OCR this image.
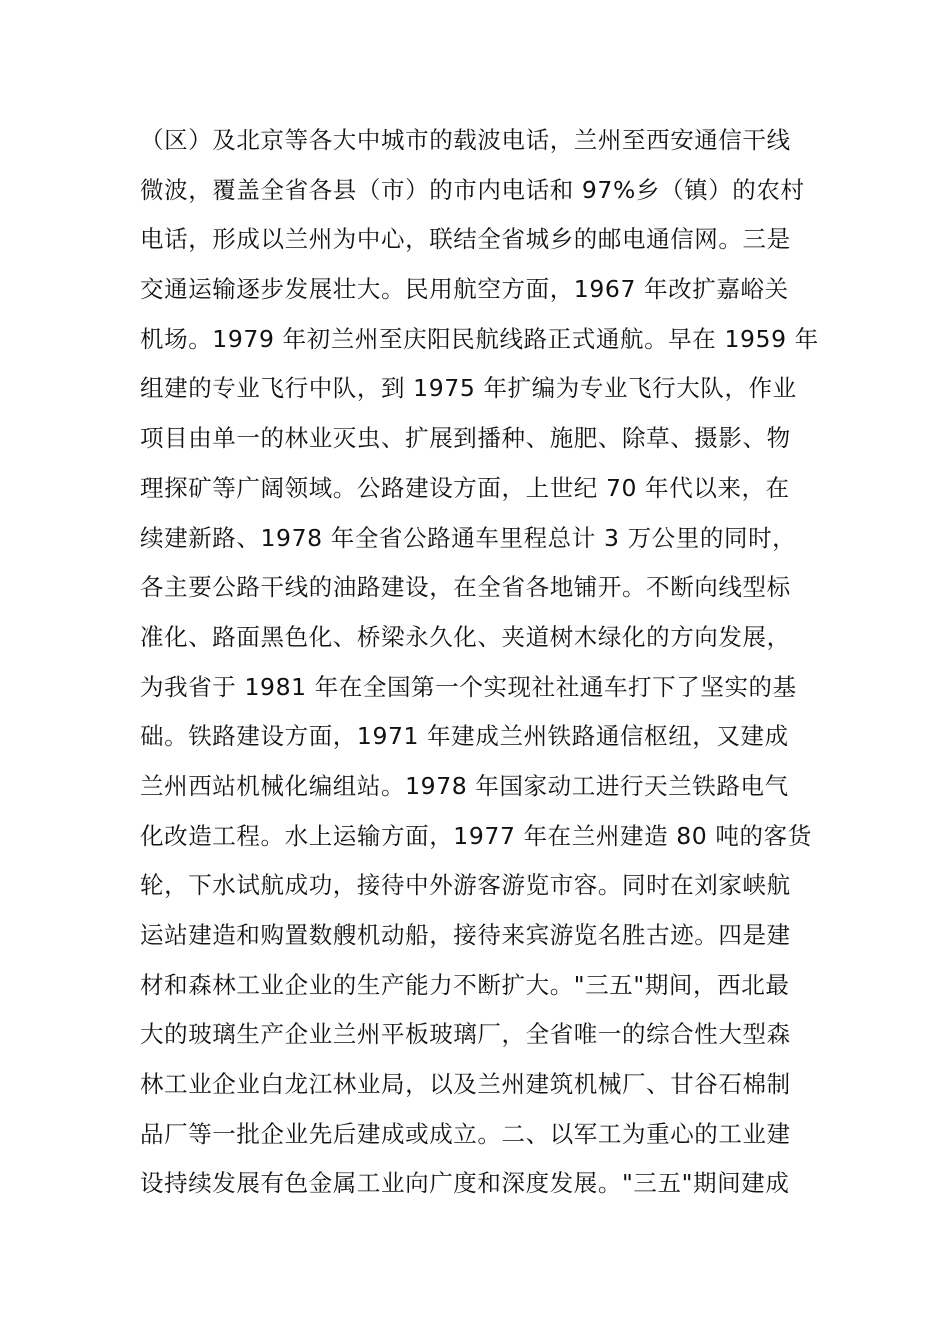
（区）及北京等各大中城市的载波电话，兰州至西安通信干线
微波，覆盖全省各县（市）的市内电话和 97%乡（镇）的农村
电话，形成以兰州为中心，联结全省城乡的邮电通信网。三是
交通运输逐步发展壮大。民用航空方面，1967 年改扩嘉峪关
机场。1979 年初兰州至庆阳民航线路正式通航。早在 1959 年
组建的专业飞行中队，到 1975 年扩编为专业飞行大队，作业
项目由单一的林业灭虫、扩展到播种、施肥、除草、摄影、物
理探矿等广阔领域。公路建设方面，上世纪 70 年代以来，在
续建新路、1978 年全省公路通车里程总计 3 万公里的同时，
各主要公路干线的油路建设，在全省各地铺开。不断向线型标
准化、路面黑色化、桥梁永久化、夹道树木绿化的方向发展，
为我省于 1981 年在全国第一个实现社社通车打下了坚实的基
础。铁路建设方面，1971 年建成兰州铁路通信枢纽，又建成
兰州西站机械化编组站。1978 年国家动工进行天兰铁路电气
化改造工程。水上运输方面，1977 年在兰州建造 80 吨的客货
轮，下水试航成功，接待中外游客游览市容。同时在刘家峡航
运站建造和购置数艘机动船，接待来宾游览名胜古迹。四是建
材和森林工业企业的生产能力不断扩大。"三五"期间，西北最
大的玻璃生产企业兰州平板玻璃厂，全省唯一的综合性大型森
林工业企业白龙江林业局，以及兰州建筑机械厂、甘谷石棉制
品厂等一批企业先后建成或成立。二、以军工为重心的工业建
设持续发展有色金属工业向广度和深度发展。"三五"期间建成
